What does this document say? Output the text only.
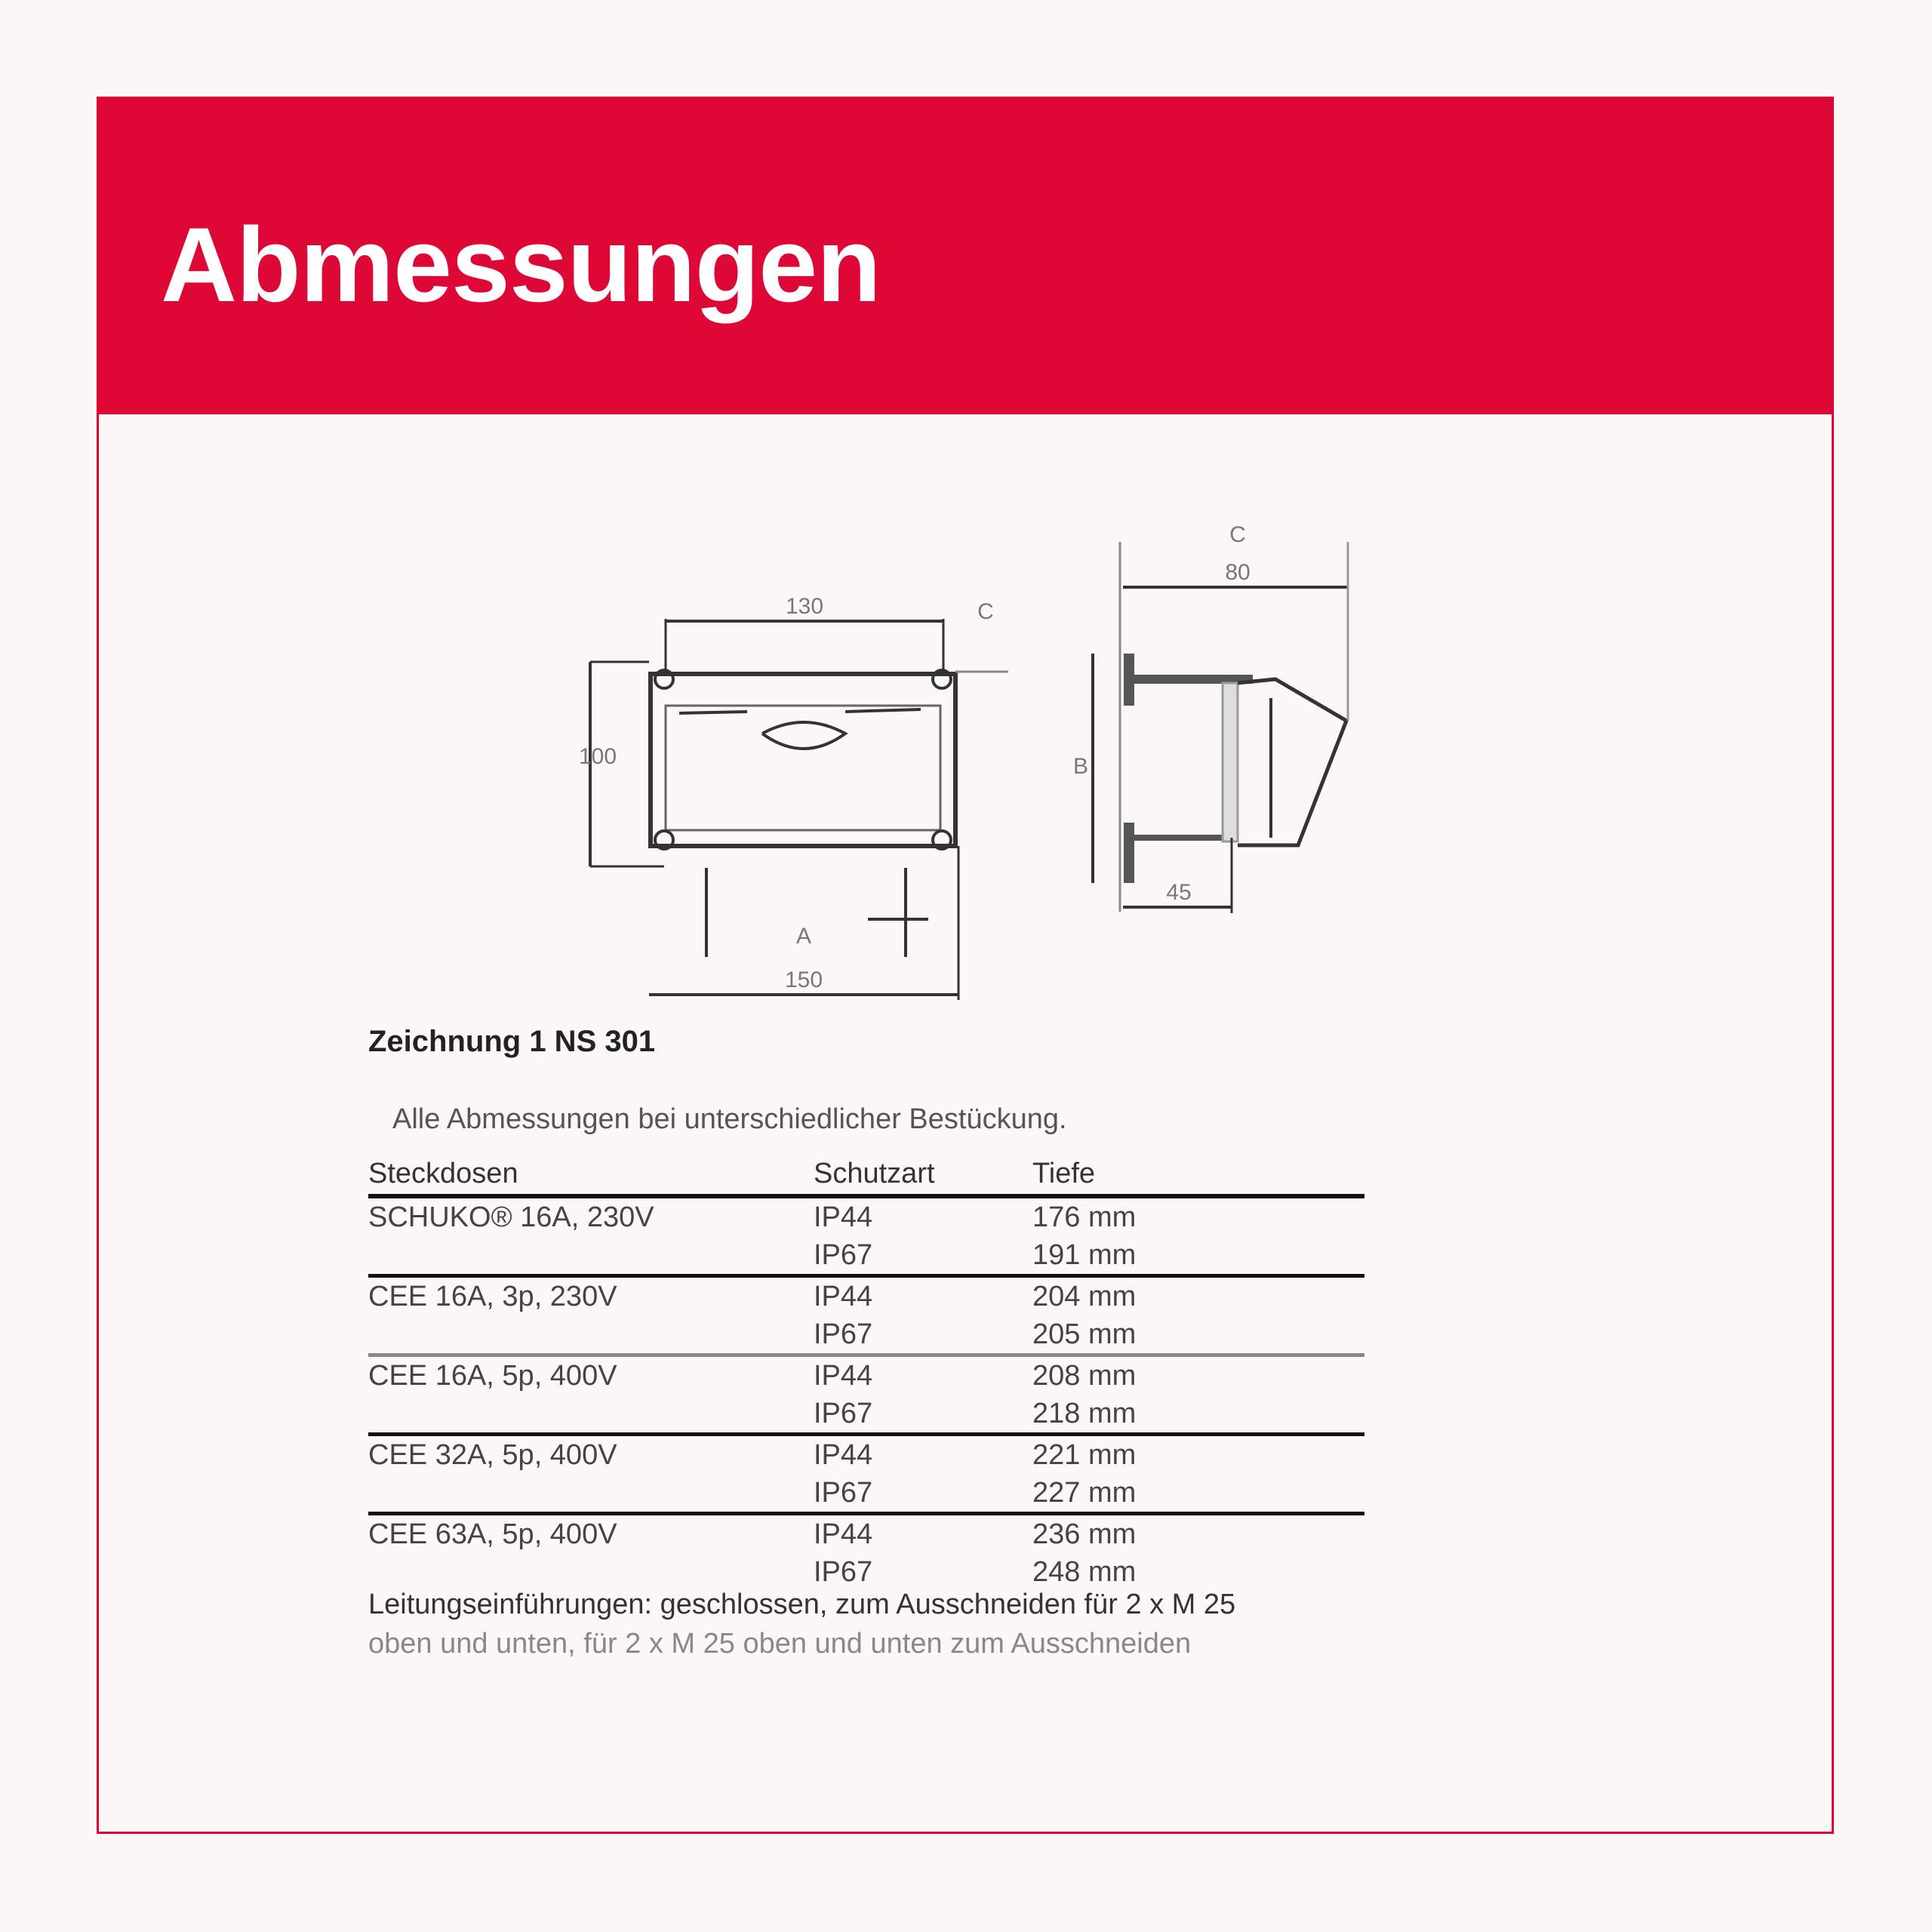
Abmessungen
130	C
100
A
150
C
80
B
45
Zeichnung 1 NS 301
Alle Abmessungen bei unterschiedlicher Bestückung.
Steckdosen	Schutzart	Tiefe
SCHUKO® 16A, 230V	IP44	176 mm
IP67	191 mm
CEE 16A, 3p, 230V	IP44	204 mm
IP67	205 mm
CEE 16A, 5p, 400V	IP44	208 mm
IP67	218 mm
CEE 32A, 5p, 400V	IP44	221 mm
IP67	227 mm
CEE 63A, 5p, 400V	IP44	236 mm
IP67	248 mm
Leitungseinführungen: geschlossen, zum Ausschneiden für 2 x M 25
oben und unten, für 2 x M 25 oben und unten zum Ausschneiden
